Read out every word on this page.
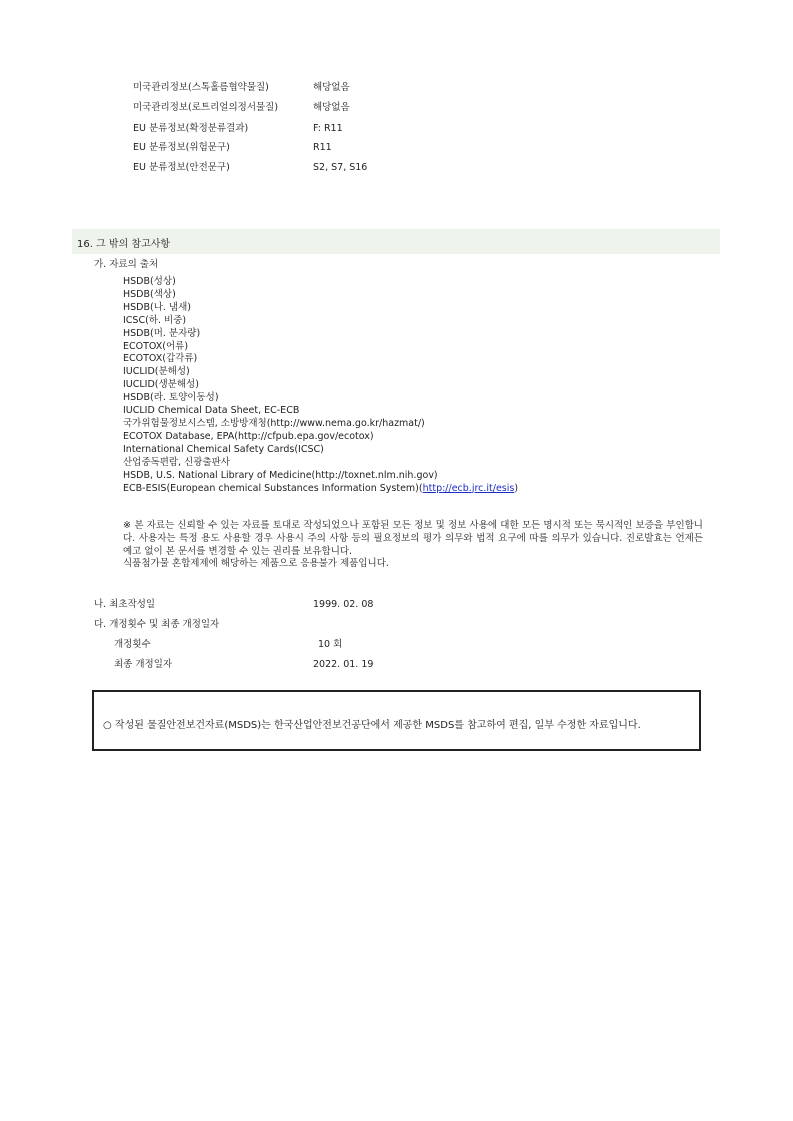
미국관리정보(스톡홀름협약물질)	해당없음
미국관리정보(로트리얼의정서물질)	해당없음
EU 분류정보(확정분류결과)	F: R11
EU 분류정보(위험문구)	R11
EU 분류정보(안전문구)	S2, S7, S16
16. 그 밖의 참고사항
가. 자료의 출처
HSDB(성상)
HSDB(색상)
HSDB(나. 냄새)
ICSC(하. 비중)
HSDB(머. 분자량)
ECOTOX(어류)
ECOTOX(갑각류)
IUCLID(분해성)
IUCLID(생분해성)
HSDB(라. 토양이동성)
IUCLID Chemical Data Sheet, EC-ECB
국가위험물정보시스템, 소방방재청(http://www.nema.go.kr/hazmat/)
ECOTOX Database, EPA(http://cfpub.epa.gov/ecotox)
International Chemical Safety Cards(ICSC)
산업중독편람, 신광출판사
HSDB, U.S. National Library of Medicine(http://toxnet.nlm.nih.gov)
ECB-ESIS(European chemical Substances Information System)(http://ecb.jrc.it/esis)

※ 본 자료는 신뢰할 수 있는 자료를 토대로 작성되었으나 포함된 모든 정보 및 정보 사용에 대한 모든 명시적 또는 묵시적인 보증을 부인합니다. 사용자는 특정 용도 사용할 경우 사용시 주의 사항 등의 필요정보의 평가 의무와 법적 요구에 따를 의무가 있습니다. 진로발효는 언제든 예고 없이 본 문서를 변경할 수 있는 권리를 보유합니다.

식품첨가물 혼합제제에 해당하는 제품으로 응용불가 제품입니다.

나. 최초작성일	1999. 02. 08
다. 개정횟수 및 최종 개정일자
개정횟수	10 회
최종 개정일자	2022. 01. 19
○ 작성된 물질안전보건자료(MSDS)는 한국산업안전보건공단에서 제공한 MSDS를 참고하여 편집, 일부 수정한 자료입니다.
